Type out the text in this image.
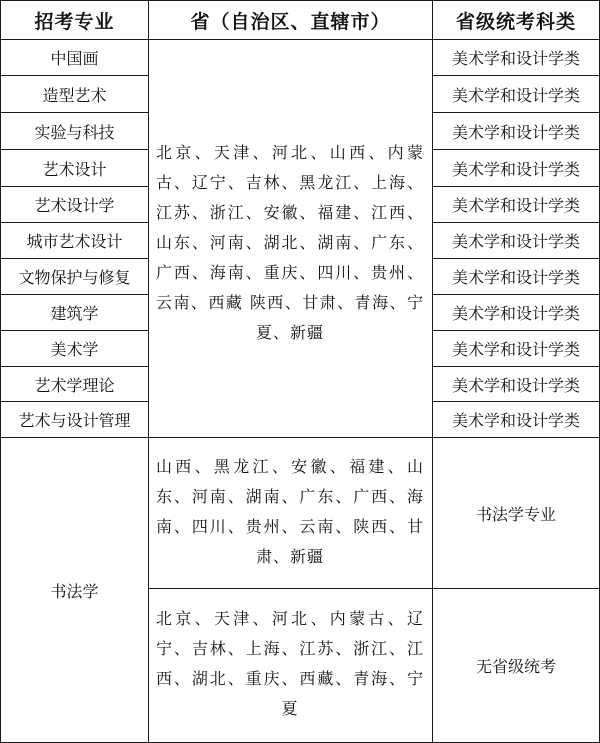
招考专业	省（自治区、直辖市）	省级统考科类
中国画
造型艺术
实验与科技
艺术设计
艺术设计学
城市艺术设计
文物保护与修复
建筑学
美术学
艺术学理论
艺术与设计管理
美术学和设计学类
美术学和设计学类
美术学和设计学类
美术学和设计学类
美术学和设计学类
美术学和设计学类
美术学和设计学类
美术学和设计学类
美术学和设计学类
美术学和设计学类
美术学和设计学类
北京、天津、河北、山西、内蒙古、辽宁、吉林、黑龙江、上海、江苏、浙江、安徽、福建、江西、山东、河南、湖北、湖南、广东、广西、海南、重庆、四川、贵州、云南、西藏 陕西、甘肃、青海、宁夏、新疆
书法学
山西、黑龙江、安徽、福建、山东、河南、湖南、广东、广西、海南、四川、贵州、云南、陕西、甘肃、新疆
书法学专业
北京、天津、河北、内蒙古、辽宁、吉林、上海、江苏、浙江、江西、湖北、重庆、西藏、青海、宁夏
无省级统考
